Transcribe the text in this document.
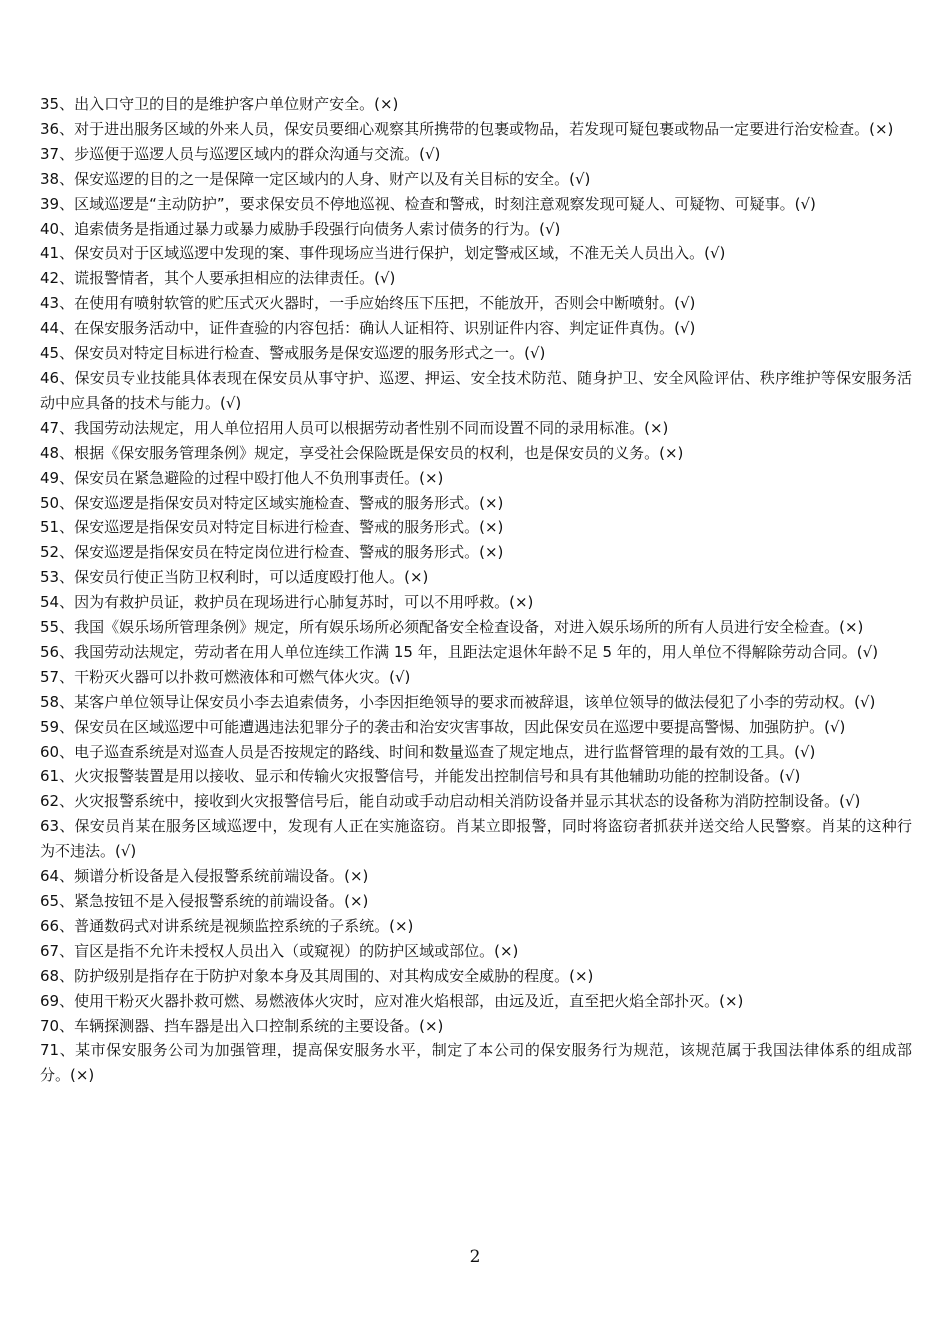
35、出入口守卫的目的是维护客户单位财产安全。(×)

36、对于进出服务区域的外来人员，保安员要细心观察其所携带的包裹或物品，若发现可疑包裹或物品一定要进行治安检查。(×)

37、步巡便于巡逻人员与巡逻区域内的群众沟通与交流。(√)

38、保安巡逻的目的之一是保障一定区域内的人身、财产以及有关目标的安全。(√)

39、区域巡逻是“主动防护”，要求保安员不停地巡视、检查和警戒，时刻注意观察发现可疑人、可疑物、可疑事。(√)

40、追索债务是指通过暴力或暴力威胁手段强行向债务人索讨债务的行为。(√)

41、保安员对于区域巡逻中发现的案、事件现场应当进行保护，划定警戒区域，不准无关人员出入。(√)

42、谎报警情者，其个人要承担相应的法律责任。(√)

43、在使用有喷射软管的贮压式灭火器时，一手应始终压下压把，不能放开，否则会中断喷射。(√)

44、在保安服务活动中，证件查验的内容包括：确认人证相符、识别证件内容、判定证件真伪。(√)

45、保安员对特定目标进行检查、警戒服务是保安巡逻的服务形式之一。(√)

46、保安员专业技能具体表现在保安员从事守护、巡逻、押运、安全技术防范、随身护卫、安全风险评估、秩序维护等保安服务活动中应具备的技术与能力。(√)

47、我国劳动法规定，用人单位招用人员可以根据劳动者性别不同而设置不同的录用标准。(×)

48、根据《保安服务管理条例》规定，享受社会保险既是保安员的权利，也是保安员的义务。(×)

49、保安员在紧急避险的过程中殴打他人不负刑事责任。(×)

50、保安巡逻是指保安员对特定区域实施检查、警戒的服务形式。(×)

51、保安巡逻是指保安员对特定目标进行检查、警戒的服务形式。(×)

52、保安巡逻是指保安员在特定岗位进行检查、警戒的服务形式。(×)

53、保安员行使正当防卫权利时，可以适度殴打他人。(×)

54、因为有救护员证，救护员在现场进行心肺复苏时，可以不用呼救。(×)

55、我国《娱乐场所管理条例》规定，所有娱乐场所必须配备安全检查设备，对进入娱乐场所的所有人员进行安全检查。(×)

56、我国劳动法规定，劳动者在用人单位连续工作满 15 年，且距法定退休年龄不足 5 年的，用人单位不得解除劳动合同。(√)

57、干粉灭火器可以扑救可燃液体和可燃气体火灾。(√)

58、某客户单位领导让保安员小李去追索债务，小李因拒绝领导的要求而被辞退，该单位领导的做法侵犯了小李的劳动权。(√)

59、保安员在区域巡逻中可能遭遇违法犯罪分子的袭击和治安灾害事故，因此保安员在巡逻中要提高警惕、加强防护。(√)

60、电子巡查系统是对巡查人员是否按规定的路线、时间和数量巡查了规定地点，进行监督管理的最有效的工具。(√)

61、火灾报警装置是用以接收、显示和传输火灾报警信号，并能发出控制信号和具有其他辅助功能的控制设备。(√)

62、火灾报警系统中，接收到火灾报警信号后，能自动或手动启动相关消防设备并显示其状态的设备称为消防控制设备。(√)

63、保安员肖某在服务区域巡逻中，发现有人正在实施盗窃。肖某立即报警，同时将盗窃者抓获并送交给人民警察。肖某的这种行为不违法。(√)

64、频谱分析设备是入侵报警系统前端设备。(×)

65、紧急按钮不是入侵报警系统的前端设备。(×)

66、普通数码式对讲系统是视频监控系统的子系统。(×)

67、盲区是指不允许未授权人员出入（或窥视）的防护区域或部位。(×)

68、防护级别是指存在于防护对象本身及其周围的、对其构成安全威胁的程度。(×)

69、使用干粉灭火器扑救可燃、易燃液体火灾时，应对准火焰根部，由远及近，直至把火焰全部扑灭。(×)

70、车辆探测器、挡车器是出入口控制系统的主要设备。(×)

71、某市保安服务公司为加强管理，提高保安服务水平，制定了本公司的保安服务行为规范，该规范属于我国法律体系的组成部分。(×)

2
